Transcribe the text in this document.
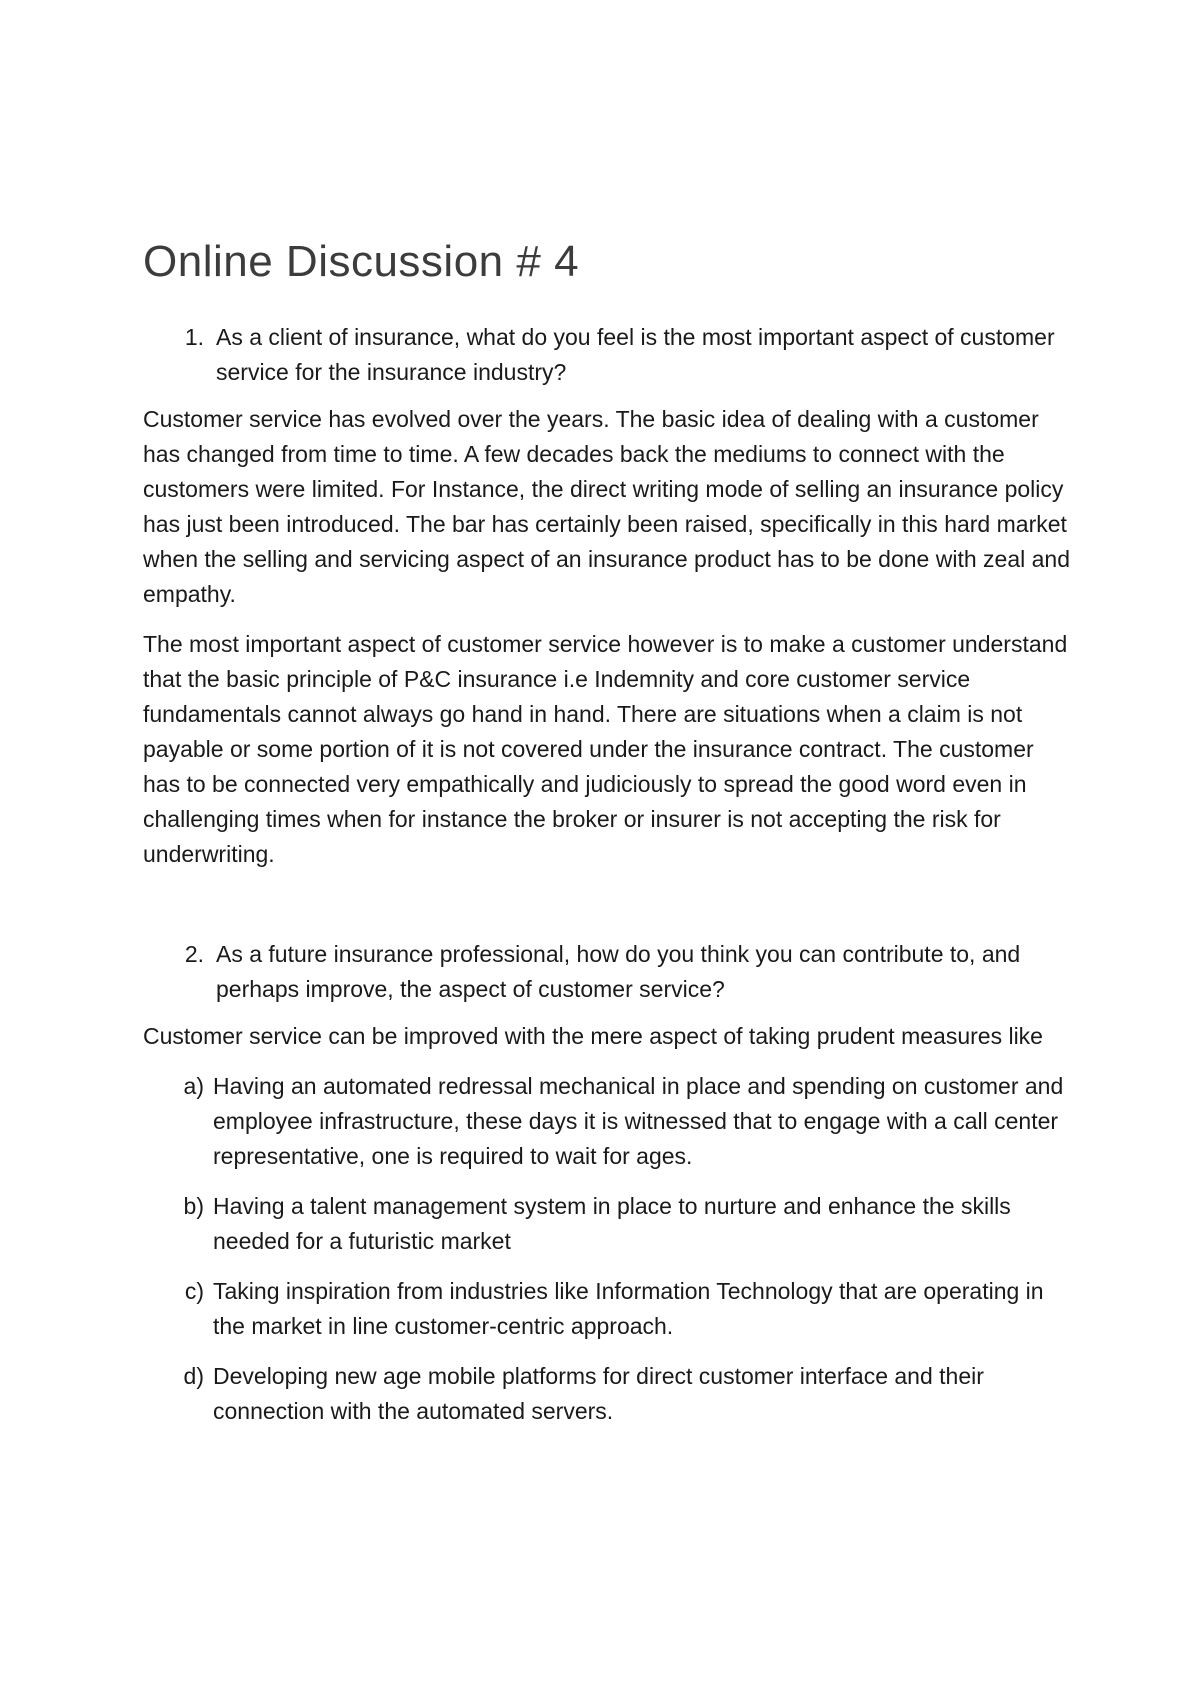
Online Discussion # 4
1. As a client of insurance, what do you feel is the most important aspect of customer service for the insurance industry?

Customer service has evolved over the years. The basic idea of dealing with a customer has changed from time to time. A few decades back the mediums to connect with the customers were limited. For Instance, the direct writing mode of selling an insurance policy has just been introduced. The bar has certainly been raised, specifically in this hard market when the selling and servicing aspect of an insurance product has to be done with zeal and empathy.

The most important aspect of customer service however is to make a customer understand that the basic principle of P&C insurance i.e Indemnity and core customer service fundamentals cannot always go hand in hand. There are situations when a claim is not payable or some portion of it is not covered under the insurance contract. The customer has to be connected very empathically and judiciously to spread the good word even in challenging times when for instance the broker or insurer is not accepting the risk for underwriting.

2. As a future insurance professional, how do you think you can contribute to, and perhaps improve, the aspect of customer service?

Customer service can be improved with the mere aspect of taking prudent measures like

a) Having an automated redressal mechanical in place and spending on customer and employee infrastructure, these days it is witnessed that to engage with a call center representative, one is required to wait for ages.
b) Having a talent management system in place to nurture and enhance the skills needed for a futuristic market
c) Taking inspiration from industries like Information Technology that are operating in the market in line customer-centric approach.
d) Developing new age mobile platforms for direct customer interface and their connection with the automated servers.
